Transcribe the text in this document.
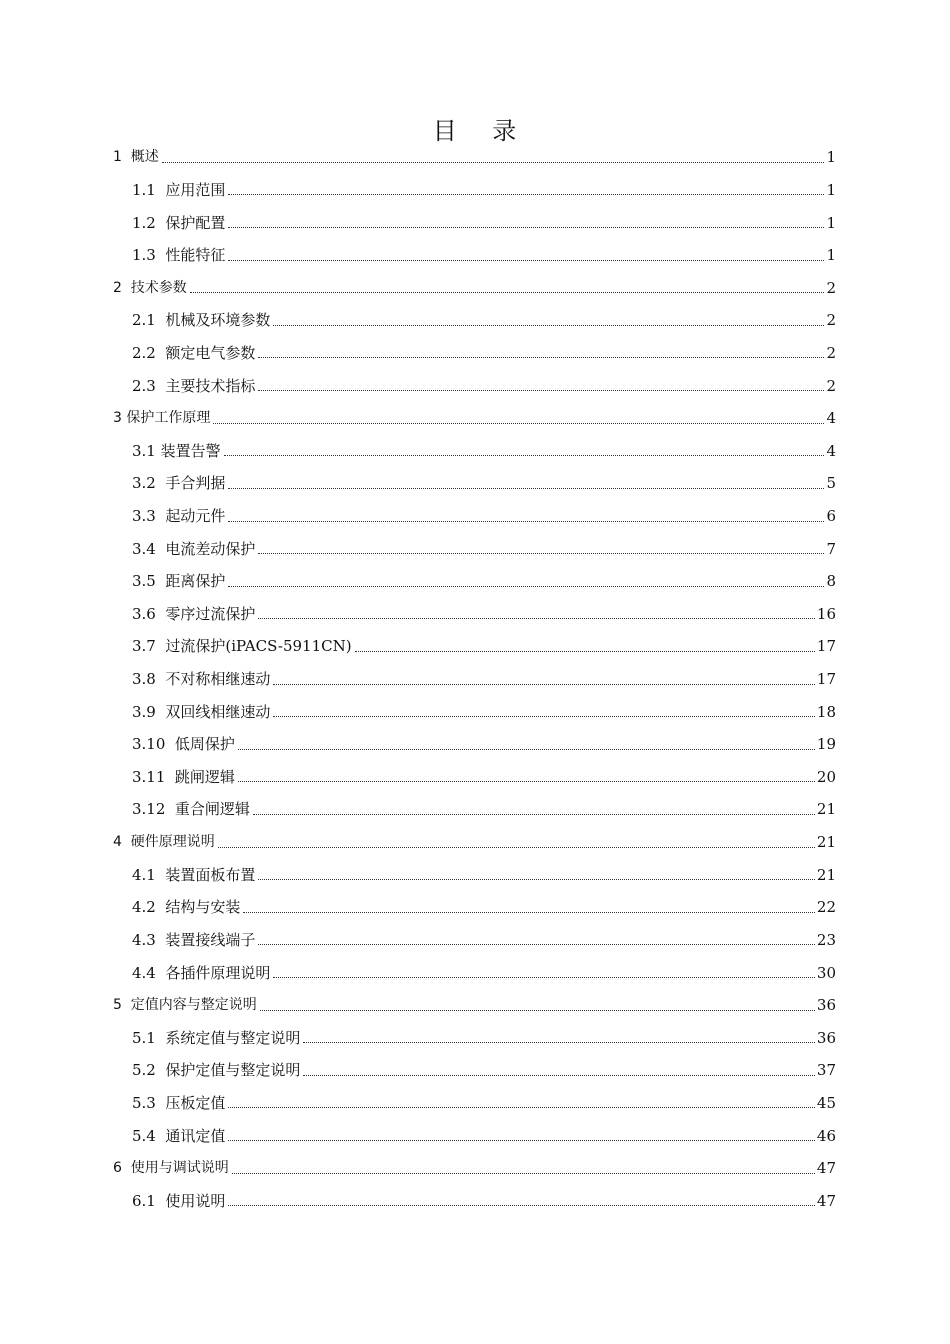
目    录
1  概述	1
1.1  应用范围	1
1.2  保护配置	1
1.3  性能特征	1
2  技术参数	2
2.1  机械及环境参数	2
2.2  额定电气参数	2
2.3  主要技术指标	2
3 保护工作原理	4
3.1 装置告警	4
3.2  手合判据	5
3.3  起动元件	6
3.4  电流差动保护	7
3.5  距离保护	8
3.6  零序过流保护	16
3.7  过流保护(iPACS-5911CN)	17
3.8  不对称相继速动	17
3.9  双回线相继速动	18
3.10  低周保护	19
3.11  跳闸逻辑	20
3.12  重合闸逻辑	21
4  硬件原理说明	21
4.1  装置面板布置	21
4.2  结构与安装	22
4.3  装置接线端子	23
4.4  各插件原理说明	30
5  定值内容与整定说明	36
5.1  系统定值与整定说明	36
5.2  保护定值与整定说明	37
5.3  压板定值	45
5.4  通讯定值	46
6  使用与调试说明	47
6.1  使用说明	47
